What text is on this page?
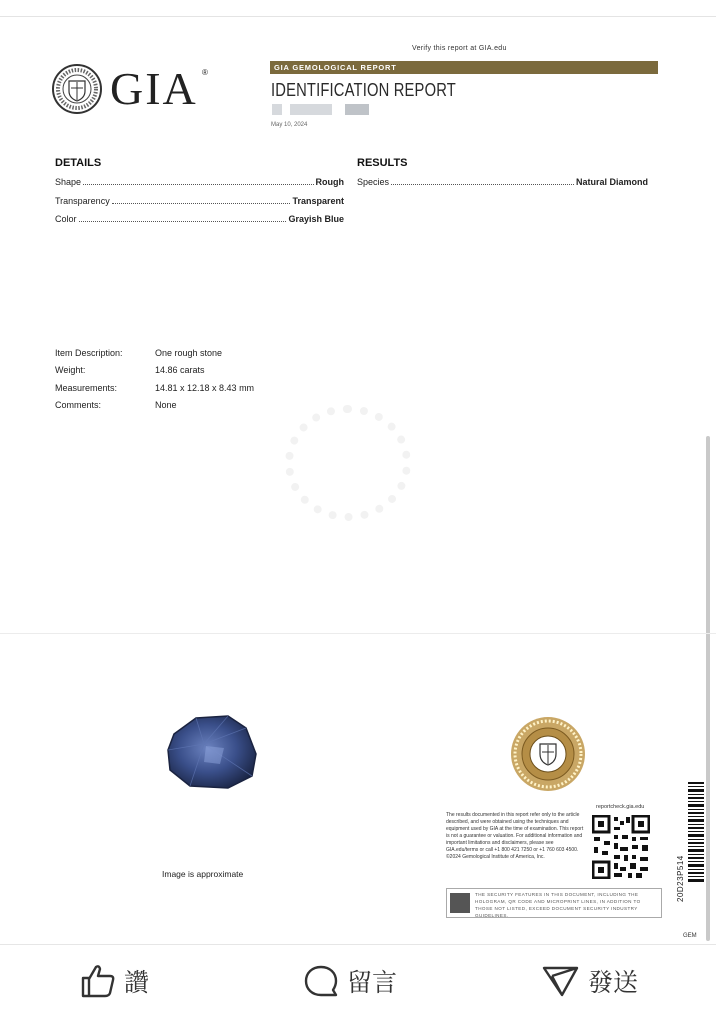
GIA ®
Verify this report at GIA.edu
GIA GEMOLOGICAL REPORT
IDENTIFICATION REPORT
May 10, 2024
DETAILS	RESULTS
Shape	Rough
Transparency	Transparent
Color	Grayish Blue
Species	Natural Diamond
Item Description:	One rough stone
Weight:	14.86 carats
Measurements:	14.81 x 12.18 x 8.43 mm
Comments:	None
Image is approximate
The results documented in this report refer only to the article described, and were obtained using the techniques and equipment used by GIA at the time of examination. This report is not a guarantee or valuation. For additional information and important limitations and disclaimers, please see GIA.edu/terms or call +1 800 421 7250 or +1 760 603 4500. ©2024 Gemological Institute of America, Inc.
reportcheck.gia.edu
THE SECURITY FEATURES IN THIS DOCUMENT, INCLUDING THE HOLOGRAM, QR CODE AND MICROPRINT LINES, IN ADDITION TO THOSE NOT LISTED, EXCEED DOCUMENT SECURITY INDUSTRY GUIDELINES.
20D23P514
GEM
讚	留言	發送
